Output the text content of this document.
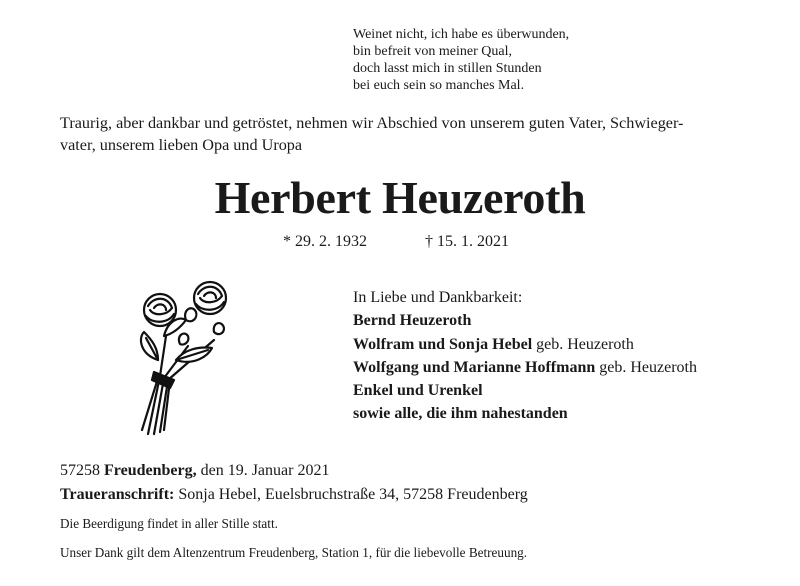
Weinet nicht, ich habe es überwunden,
bin befreit von meiner Qual,
doch lasst mich in stillen Stunden
bei euch sein so manches Mal.
Traurig, aber dankbar und getröstet, nehmen wir Abschied von unserem guten Vater, Schwieger-
vater, unserem lieben Opa und Uropa
Herbert Heuzeroth
* 29. 2. 1932	† 15. 1. 2021
In Liebe und Dankbarkeit:
Bernd Heuzeroth
Wolfram und Sonja Hebel geb. Heuzeroth
Wolfgang und Marianne Hoffmann geb. Heuzeroth
Enkel und Urenkel
sowie alle, die ihm nahestanden
57258 Freudenberg, den 19. Januar 2021
Traueranschrift: Sonja Hebel, Euelsbruchstraße 34, 57258 Freudenberg
Die Beerdigung findet in aller Stille statt.
Unser Dank gilt dem Altenzentrum Freudenberg, Station 1, für die liebevolle Betreuung.
